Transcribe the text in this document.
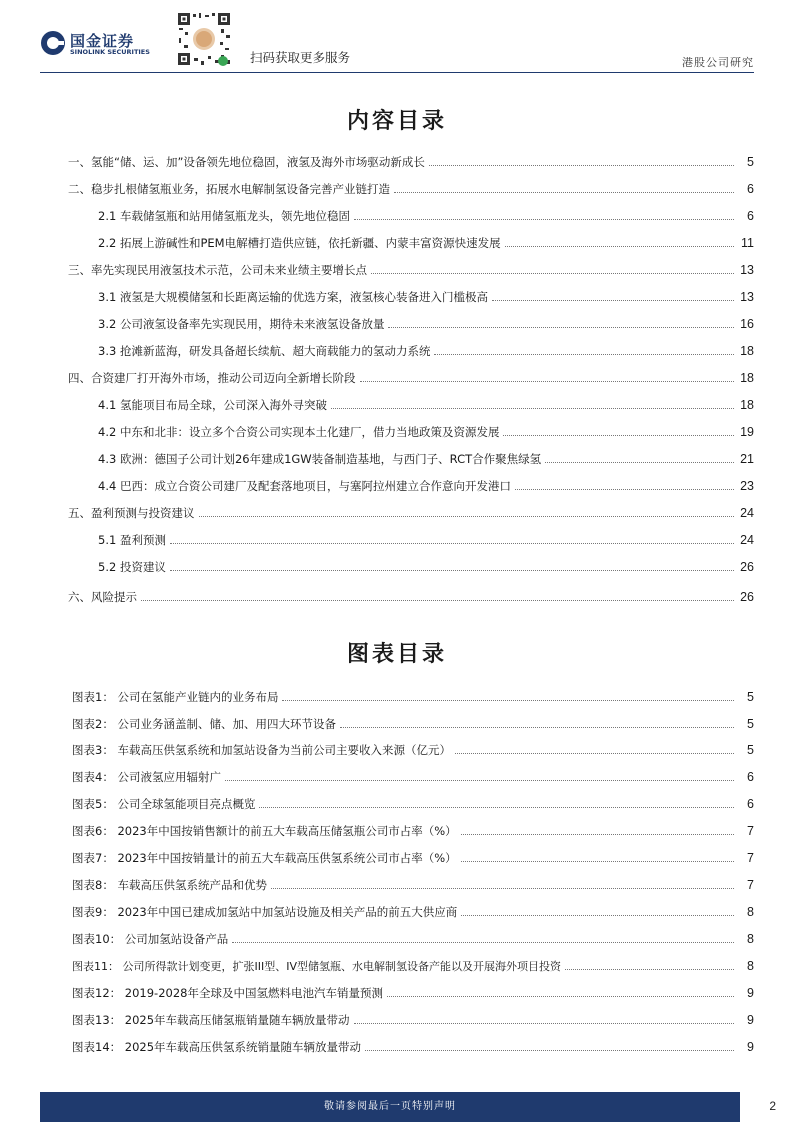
国金证券
SINOLINK SECURITIES	扫码获取更多服务	港股公司研究
内容目录
一、氢能“储、运、加”设备领先地位稳固，液氢及海外市场驱动新成长	5
二、稳步扎根储氢瓶业务，拓展水电解制氢设备完善产业链打造	6
2.1 车载储氢瓶和站用储氢瓶龙头，领先地位稳固	6
2.2 拓展上游碱性和PEM电解槽打造供应链，依托新疆、内蒙丰富资源快速发展	11
三、率先实现民用液氢技术示范，公司未来业绩主要增长点	13
3.1 液氢是大规模储氢和长距离运输的优选方案，液氢核心装备进入门槛极高	13
3.2 公司液氢设备率先实现民用，期待未来液氢设备放量	16
3.3 抢滩新蓝海，研发具备超长续航、超大商载能力的氢动力系统	18
四、合资建厂打开海外市场，推动公司迈向全新增长阶段	18
4.1 氢能项目布局全球，公司深入海外寻突破	18
4.2 中东和北非：设立多个合资公司实现本土化建厂，借力当地政策及资源发展	19
4.3 欧洲：德国子公司计划26年建成1GW装备制造基地，与西门子、RCT合作聚焦绿氢	21
4.4 巴西：成立合资公司建厂及配套落地项目，与塞阿拉州建立合作意向开发港口	23
五、盈利预测与投资建议	24
5.1 盈利预测	24
5.2 投资建议	26
六、风险提示	26
图表目录
图表1： 公司在氢能产业链内的业务布局	5
图表2： 公司业务涵盖制、储、加、用四大环节设备	5
图表3： 车载高压供氢系统和加氢站设备为当前公司主要收入来源（亿元）	5
图表4： 公司液氢应用辐射广	6
图表5： 公司全球氢能项目亮点概览	6
图表6： 2023年中国按销售额计的前五大车载高压储氢瓶公司市占率（%）	7
图表7： 2023年中国按销量计的前五大车载高压供氢系统公司市占率（%）	7
图表8： 车载高压供氢系统产品和优势	7
图表9： 2023年中国已建成加氢站中加氢站设施及相关产品的前五大供应商	8
图表10： 公司加氢站设备产品	8
图表11： 公司所得款计划变更，扩张III型、IV型储氢瓶、水电解制氢设备产能以及开展海外项目投资	8
图表12： 2019-2028年全球及中国氢燃料电池汽车销量预测	9
图表13： 2025年车载高压储氢瓶销量随车辆放量带动	9
图表14： 2025年车载高压供氢系统销量随车辆放量带动	9
敬请参阅最后一页特别声明	2
